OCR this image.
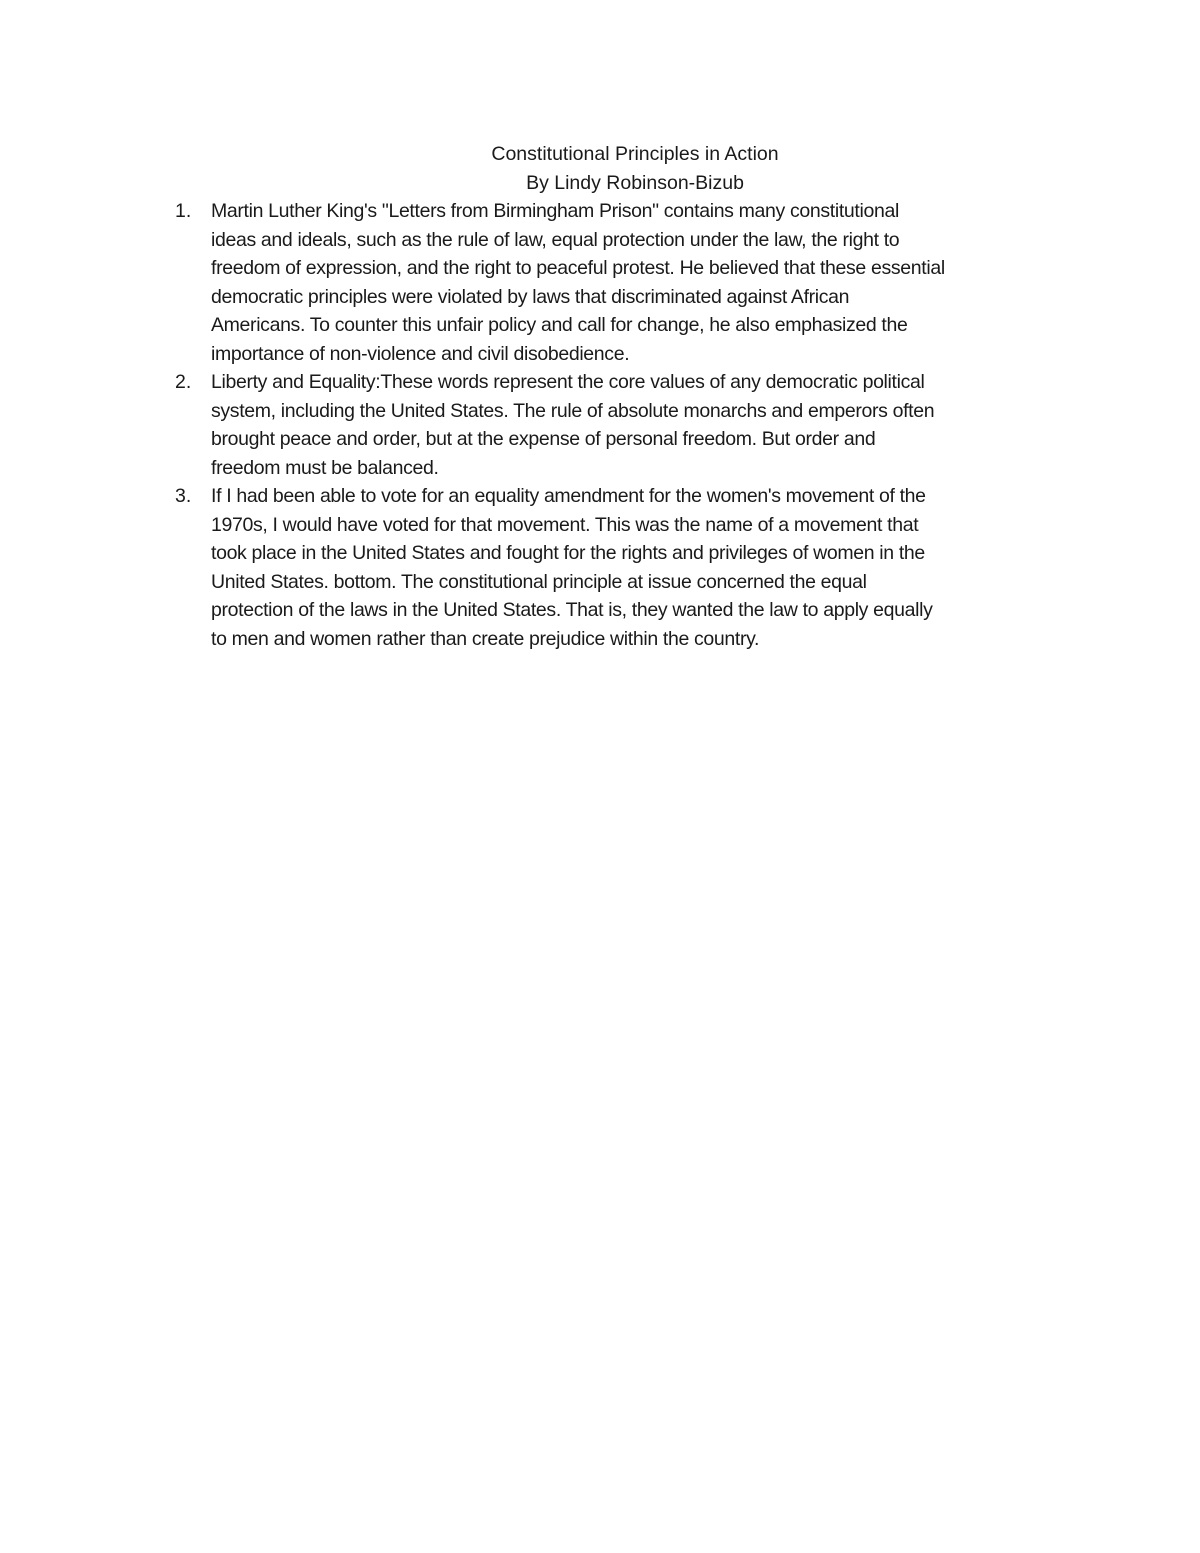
Constitutional Principles in Action
By Lindy Robinson-Bizub
1. Martin Luther King's "Letters from Birmingham Prison" contains many constitutional
ideas and ideals, such as the rule of law, equal protection under the law, the right to
freedom of expression, and the right to peaceful protest. He believed that these essential
democratic principles were violated by laws that discriminated against African
Americans. To counter this unfair policy and call for change, he also emphasized the
importance of non-violence and civil disobedience.
2. Liberty and Equality:These words represent the core values of any democratic political
system, including the United States. The rule of absolute monarchs and emperors often
brought peace and order, but at the expense of personal freedom. But order and
freedom must be balanced.
3. If I had been able to vote for an equality amendment for the women's movement of the
1970s, I would have voted for that movement. This was the name of a movement that
took place in the United States and fought for the rights and privileges of women in the
United States. bottom. The constitutional principle at issue concerned the equal
protection of the laws in the United States. That is, they wanted the law to apply equally
to men and women rather than create prejudice within the country.
